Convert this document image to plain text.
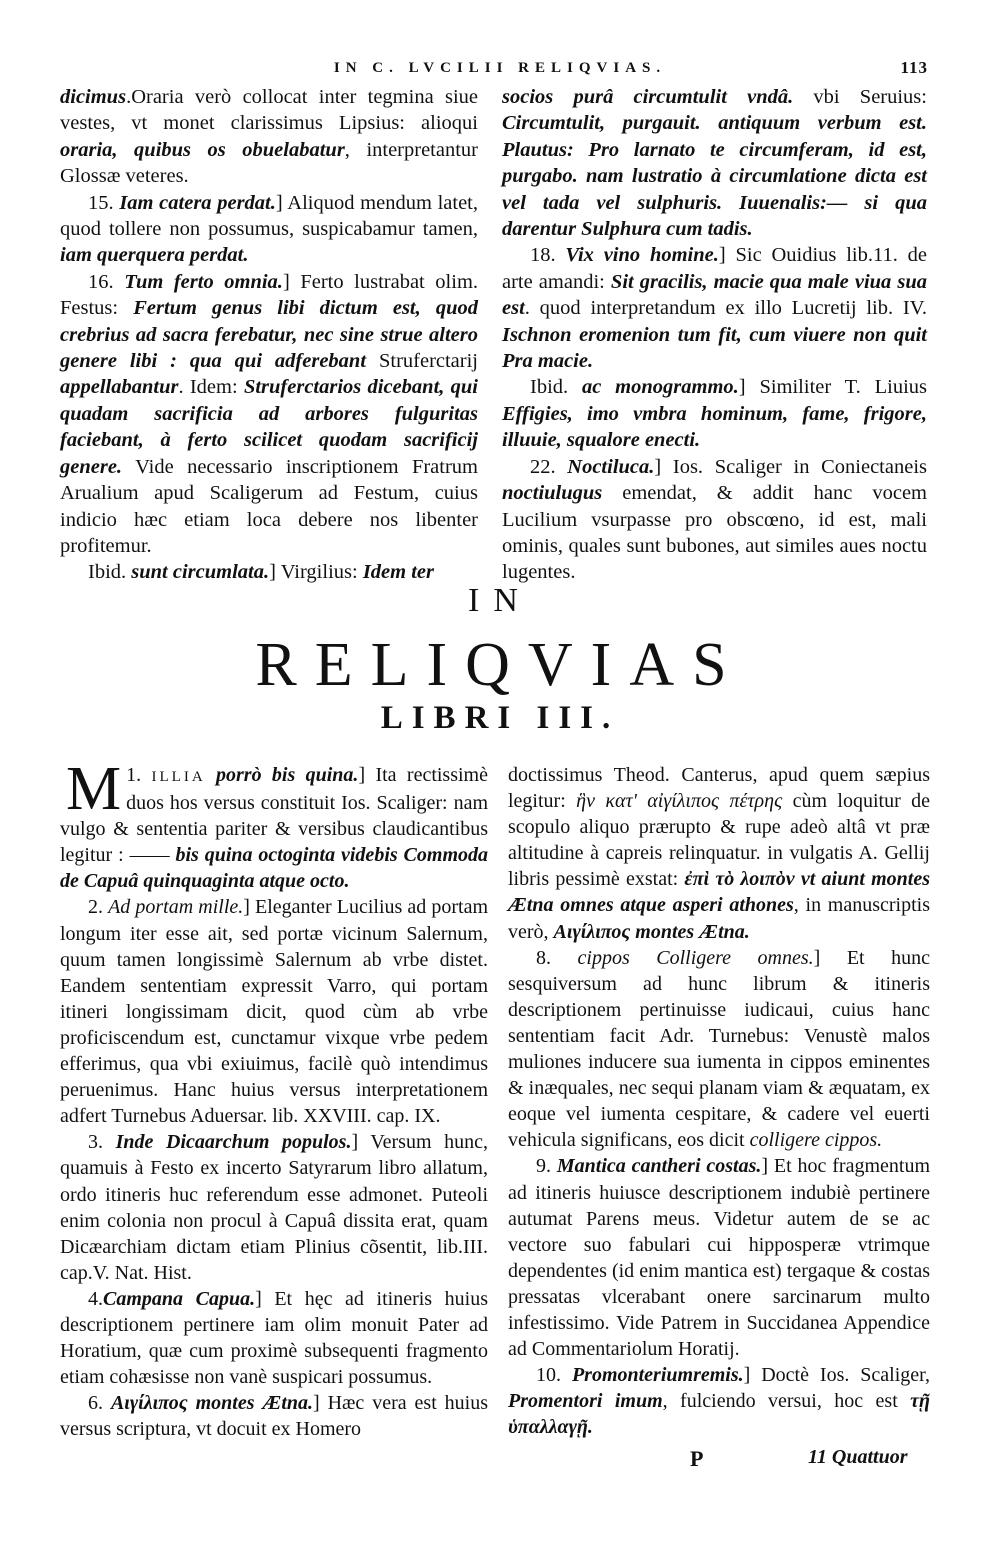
IN C. LVCILII RELIQVIAS.	113

dicimus.Oraria verò collocat inter tegmina siue vestes, vt monet clarissimus Lipsius: alioqui oraria, quibus os obuelabatur, interpretantur Glossæ veteres.

15. Iam catera perdat.] Aliquod mendum latet, quod tollere non possumus, suspicabamur tamen, iam querquera perdat.

16. Tum ferto omnia.] Ferto lustrabat olim. Festus: Fertum genus libi dictum est, quod crebrius ad sacra ferebatur, nec sine strue altero genere libi : qua qui adferebant Struferctarij appellabantur. Idem: Struferctarios dicebant, qui quadam sacrificia ad arbores fulguritas faciebant, à ferto scilicet quodam sacrificij genere. Vide necessario inscriptionem Fratrum Arualium apud Scaligerum ad Festum, cuius indicio hæc etiam loca debere nos libenter profitemur.

Ibid. sunt circumlata.] Virgilius: Idem ter

socios purâ circumtulit vndâ. vbi Seruius: Circumtulit, purgauit. antiquum verbum est. Plautus: Pro larnato te circumferam, id est, purgabo. nam lustratio à circumlatione dicta est vel tada vel sulphuris. Iuuenalis:— si qua darentur Sulphura cum tadis.

18. Vix vino homine.] Sic Ouidius lib.11. de arte amandi: Sit gracilis, macie qua male viua sua est. quod interpretandum ex illo Lucretij lib. IV. Ischnon eromenion tum fit, cum viuere non quit Pra macie.

Ibid. ac monogrammo.] Similiter T. Liuius Effigies, imo vmbra hominum, fame, frigore, illuuie, squalore enecti.

22. Noctiluca.] Ios. Scaliger in Coniectaneis noctiulugus emendat, & addit hanc vocem Lucilium vsurpasse pro obscœno, id est, mali ominis, quales sunt bubones, aut similes aues noctu lugentes.

IN
RELIQVIAS
LIBRI III.

1.
M ILLIA porrò bis quina.] Ita rectissimè duos hos versus constituit Ios. Scaliger: nam vulgo & sententia pariter & versibus claudicantibus legitur : —— bis quina octoginta videbis Commoda de Capuâ quinquaginta atque octo.

2. Ad portam mille.] Eleganter Lucilius ad portam longum iter esse ait, sed portæ vicinum Salernum, quum tamen longissimè Salernum ab vrbe distet. Eandem sententiam expressit Varro, qui portam itineri longissimam dicit, quod cùm ab vrbe proficiscendum est, cunctamur vixque vrbe pedem efferimus, qua vbi exiuimus, facilè quò intendimus peruenimus. Hanc huius versus interpretationem adfert Turnebus Aduersar. lib. XXVIII. cap. IX.

3. Inde Dicaarchum populos.] Versum hunc, quamuis à Festo ex incerto Satyrarum libro allatum, ordo itineris huc referendum esse admonet. Puteoli enim colonia non procul à Capuâ dissita erat, quam Dicæarchiam dictam etiam Plinius cõsentit, lib.III. cap.V. Nat. Hist.

4.Campana Capua.] Et hęc ad itineris huius descriptionem pertinere iam olim monuit Pater ad Horatium, quæ cum proximè subsequenti fragmento etiam cohæsisse non vanè suspicari possumus.

6. Αιγίλιπος montes Ætna.] Hæc vera est huius versus scriptura, vt docuit ex Homero

doctissimus Theod. Canterus, apud quem sæpius legitur: ἣν κατ' αἰγίλιπος πέτρης cùm loquitur de scopulo aliquo prærupto & rupe adeò altâ vt præ altitudine à capreis relinquatur. in vulgatis A. Gellij libris pessimè exstat: ἐπὶ τὸ λοιπὸν vt aiunt montes Ætna omnes atque asperi athones, in manuscriptis verò, Αιγίλιπος montes Ætna.

8. cippos Colligere omnes.] Et hunc sesquiversum ad hunc librum & itineris descriptionem pertinuisse iudicaui, cuius hanc sententiam facit Adr. Turnebus: Venustè malos muliones inducere sua iumenta in cippos eminentes & inæquales, nec sequi planam viam & æquatam, ex eoque vel iumenta cespitare, & cadere vel euerti vehicula significans, eos dicit colligere cippos.

9. Mantica cantheri costas.] Et hoc fragmentum ad itineris huiusce descriptionem indubiè pertinere autumat Parens meus. Videtur autem de se ac vectore suo fabulari cui hipposperæ vtrimque dependentes (id enim mantica est) tergaque & costas pressatas vlcerabant onere sarcinarum multo infestissimo. Vide Patrem in Succidanea Appendice ad Commentariolum Horatij.

10. Promonteriumremis.] Doctè Ios. Scaliger, Promentori imum, fulciendo versui, hoc est τῇ ὑπαλλαγῇ.

P	11 Quattuor
